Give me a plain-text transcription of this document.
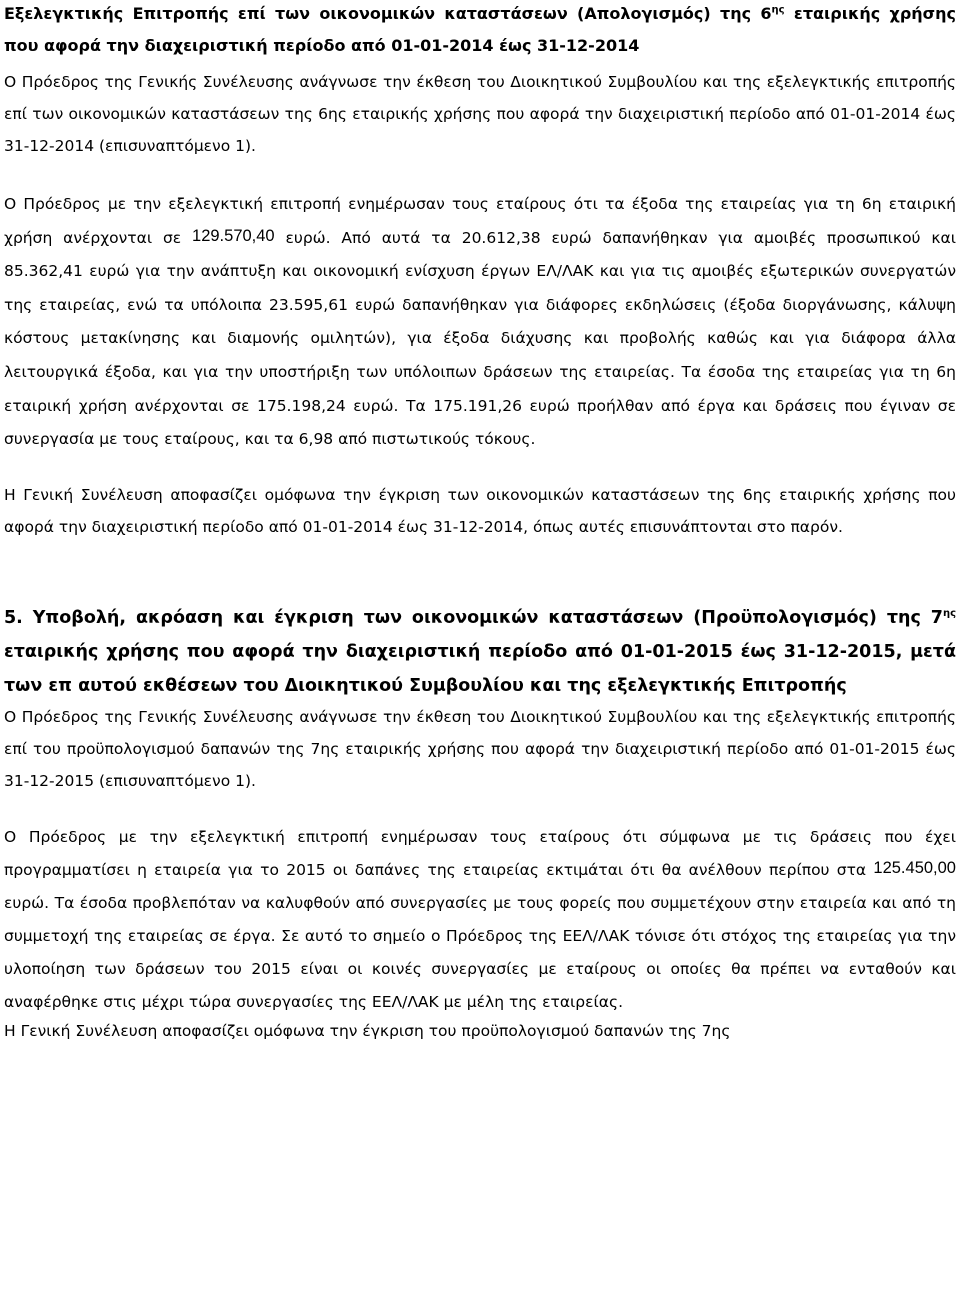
Εξελεγκτικής Επιτροπής επί των οικονομικών καταστάσεων (Απολογισμός) της $6^{\eta\varsigma}$ εταιρικής χρήσης που αφορά την διαχειριστική περίοδο από 01-01-2014 έως 31-12-2014

Ο Πρόεδρος της Γενικής Συνέλευσης ανάγνωσε την έκθεση του Διοικητικού Συμβουλίου και της εξελεγκτικής επιτροπής επί των οικονομικών καταστάσεων της 6ης εταιρικής χρήσης που αφορά την διαχειριστική περίοδο από 01-01-2014 έως 31-12-2014 (επισυναπτόμενο 1).

Ο Πρόεδρος με την εξελεγκτική επιτροπή ενημέρωσαν τους εταίρους ότι τα έξοδα της εταιρείας για τη 6η εταιρική χρήση ανέρχονται σε 129.570,40 ευρώ. Από αυτά τα 20.612,38 ευρώ δαπανήθηκαν για αμοιβές προσωπικού και 85.362,41 ευρώ για την ανάπτυξη και οικονομική ενίσχυση έργων ΕΛ/ΛΑΚ και για τις αμοιβές εξωτερικών συνεργατών της εταιρείας, ενώ τα υπόλοιπα 23.595,61 ευρώ δαπανήθηκαν για διάφορες εκδηλώσεις (έξοδα διοργάνωσης, κάλυψη κόστους μετακίνησης και διαμονής ομιλητών), για έξοδα διάχυσης και προβολής καθώς και για διάφορα άλλα λειτουργικά έξοδα, και για την υποστήριξη των υπόλοιπων δράσεων της εταιρείας. Τα έσοδα της εταιρείας για τη 6η εταιρική χρήση ανέρχονται σε 175.198,24 ευρώ. Τα 175.191,26 ευρώ προήλθαν από έργα και δράσεις που έγιναν σε συνεργασία με τους εταίρους, και τα 6,98 από πιστωτικούς τόκους.

Η Γενική Συνέλευση αποφασίζει ομόφωνα την έγκριση των οικονομικών καταστάσεων της 6ης εταιρικής χρήσης που αφορά την διαχειριστική περίοδο από 01-01-2014 έως 31-12-2014, όπως αυτές επισυνάπτονται στο παρόν.

5. Υποβολή, ακρόαση και έγκριση των οικονομικών καταστάσεων (Προϋπολογισμός) της $7^{\eta\varsigma}$ εταιρικής χρήσης που αφορά την διαχειριστική περίοδο από 01-01-2015 έως 31-12-2015, μετά των επ αυτού εκθέσεων του Διοικητικού Συμβουλίου και της εξελεγκτικής Επιτροπής

Ο Πρόεδρος της Γενικής Συνέλευσης ανάγνωσε την έκθεση του Διοικητικού Συμβουλίου και της εξελεγκτικής επιτροπής επί του προϋπολογισμού δαπανών της 7ης εταιρικής χρήσης που αφορά την διαχειριστική περίοδο από 01-01-2015 έως 31-12-2015 (επισυναπτόμενο 1).

Ο Πρόεδρος με την εξελεγκτική επιτροπή ενημέρωσαν τους εταίρους ότι σύμφωνα με τις δράσεις που έχει προγραμματίσει η εταιρεία για το 2015 οι δαπάνες της εταιρείας εκτιμάται ότι θα ανέλθουν περίπου στα 125.450,00 ευρώ. Τα έσοδα προβλεπόταν να καλυφθούν από συνεργασίες με τους φορείς που συμμετέχουν στην εταιρεία και από τη συμμετοχή της εταιρείας σε έργα. Σε αυτό το σημείο ο Πρόεδρος της ΕΕΛ/ΛΑΚ τόνισε ότι στόχος της εταιρείας για την υλοποίηση των δράσεων του 2015 είναι οι κοινές συνεργασίες με εταίρους οι οποίες θα πρέπει να ενταθούν και αναφέρθηκε στις μέχρι τώρα συνεργασίες της ΕΕΛ/ΛΑΚ με μέλη της εταιρείας.

Η Γενική Συνέλευση αποφασίζει ομόφωνα την έγκριση του προϋπολογισμού δαπανών της 7ης
